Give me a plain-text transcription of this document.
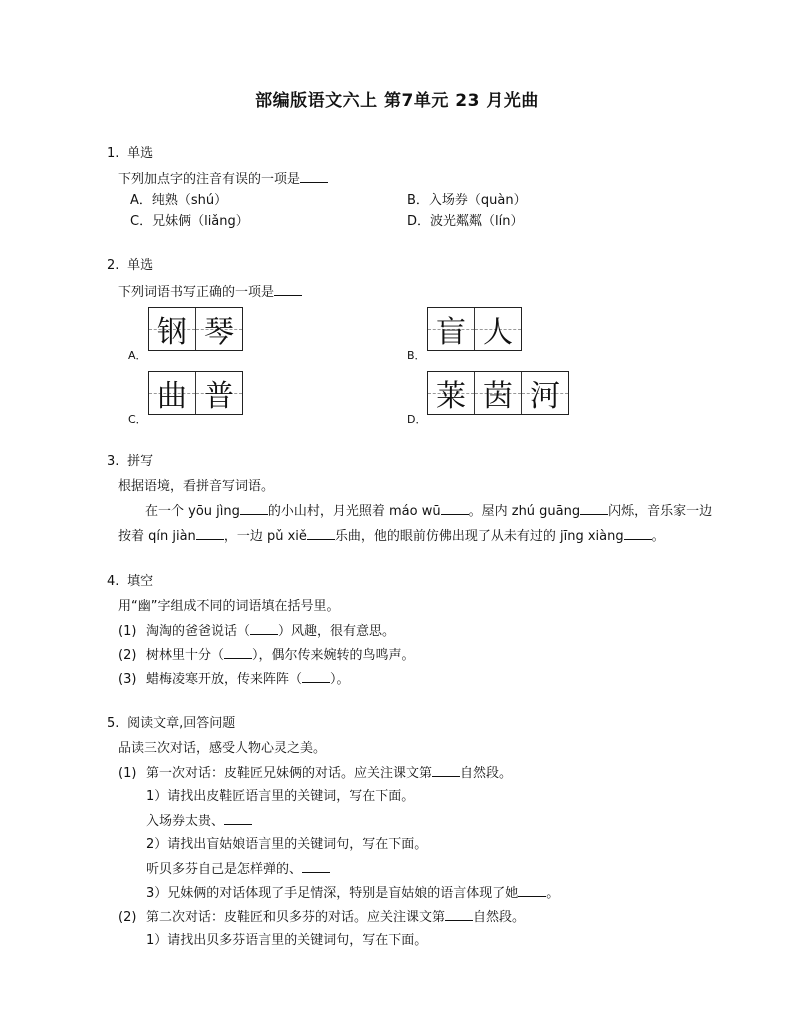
部编版语文六上 第7单元 23 月光曲
1. 单选
下列加点字的注音有误的一项是
A．纯熟（shú）	B．入场券（quàn）
C．兄妹俩（liǎng）	D．波光粼粼（lín）
2. 单选
下列词语书写正确的一项是
A．
钢 琴
B．
盲 人
C．
曲 普
D．
莱 茵 河
3. 拼写
根据语境，看拼音写词语。
在一个 yōu jìng 的小山村，月光照着 máo wū 。屋内 zhú guāng 闪烁，音乐家一边
按着 qín jiàn ，一边 pǔ xiě 乐曲，他的眼前仿佛出现了从未有过的 jīng xiàng 。
4. 填空
用“幽”字组成不同的词语填在括号里。
(1) 淘淘的爸爸说话（ ）风趣，很有意思。
(2) 树林里十分（ ），偶尔传来婉转的鸟鸣声。
(3) 蜡梅凌寒开放，传来阵阵（ ）。
5. 阅读文章,回答问题
品读三次对话，感受人物心灵之美。
(1) 第一次对话：皮鞋匠兄妹俩的对话。应关注课文第 自然段。
1）请找出皮鞋匠语言里的关键词，写在下面。
入场券太贵、
2）请找出盲姑娘语言里的关键词句，写在下面。
听贝多芬自己是怎样弹的、
3）兄妹俩的对话体现了手足情深，特别是盲姑娘的语言体现了她 。
(2) 第二次对话：皮鞋匠和贝多芬的对话。应关注课文第 自然段。
1）请找出贝多芬语言里的关键词句，写在下面。
